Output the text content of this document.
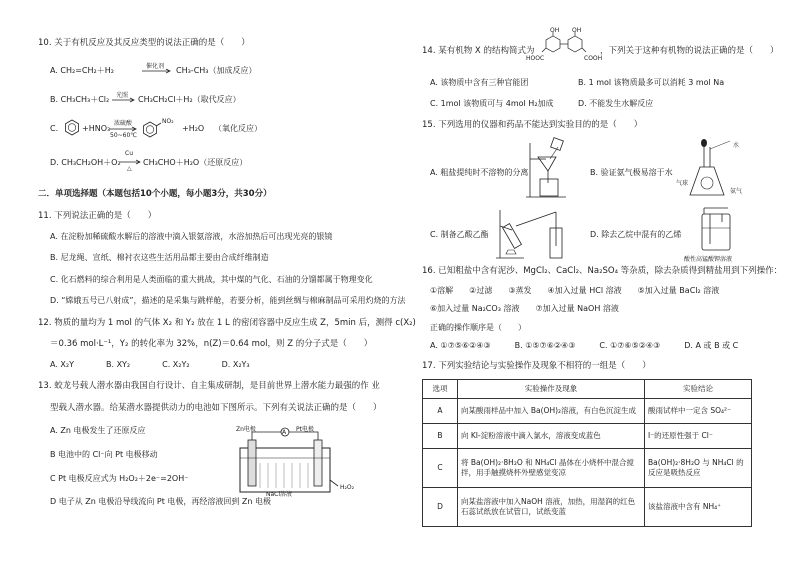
10. 关于有机反应及其反应类型的说法正确的是（　　）
A. CH₂=CH₂＋H₂	催化剂 CH₃-CH₃（加成反应）
B. CH₃CH₃＋Cl₂ 光照 CH₃CH₂Cl＋H₂（取代反应）
C.	+HNO₃
浓硫酸
50~60℃
NO₂
+H₂O （氧化反应）
D. CH₃CH₂OH＋O₂
Cu
△
CH₃CHO＋H₂O（还原反应）
二．单项选择题（本题包括10个小题，每小题3分，共30分）
11. 下列说法正确的是（　　）
A. 在淀粉加稀硫酸水解后的溶液中滴入银氨溶液，水浴加热后可出现光亮的银镜
B. 尼龙绳、宣纸、棉衬衣这些生活用品都主要由合成纤维制造
C. 化石燃料的综合利用是人类面临的重大挑战，其中煤的气化、石油的分馏都属于物理变化
D. “嫦娥五号已八射成”，描述的是采集与跳样舱，若要分析，能到丝绸与棉麻制品可采用灼烧的方法
12. 物质的量均为 1 mol 的气体 X₂ 和 Y₂ 放在 1 L 的密闭容器中反应生成 Z，5min 后，测得 c(X₂)
＝0.36 mol·L⁻¹，Y₂ 的转化率为 32%，n(Z)＝0.64 mol，则 Z 的分子式是（　　）
A. X₂Y　　　　B. XY₂　　　　C. X₂Y₂　　　　D. X₂Y₃
13. 蛟龙号载人潜水器由我国自行设计、自主集成研制，是目前世界上潜水能力最强的作 业
型载人潜水器。给某潜水器提供动力的电池如下图所示。下列有关说法正确的是（　　）
A. Zn 电极发生了还原反应
B 电池中的 Cl⁻向 Pt 电极移动
C Pt 电极反应式为 H₂O₂＋2e⁻=2OH⁻
D 电子从 Zn 电极沿导线流向 Pt 电极，再经溶液回到 Zn 电极
Zn电极	Pt电极
A
NaCl溶液
H₂O₂
14. 某有机物 X 的结构简式为
OH OH
HOOC	COOH
，下列关于这种有机物的说法正确的是（　　）
A. 该物质中含有三种官能团	B. 1 mol 该物质最多可以消耗 3 mol Na
C. 1mol 该物质可与 4mol H₂加成	D. 不能发生水解反应
15. 下列选用的仪器和药品不能达到实验目的的是（　　）
A. 粗盐提纯时不溶物的分离
水
气球
氨气
B. 验证氨气极易溶于水
C. 制备乙酸乙酯
酸性高锰酸钾溶液
D. 除去乙烷中混有的乙烯
16. 已知粗盐中含有泥沙、MgCl₂、CaCl₂、Na₂SO₄ 等杂质，除去杂质得到精盐用到下列操作：
①溶解　　②过滤　　③蒸发　　④加入过量 HCl 溶液　　⑤加入过量 BaCl₂ 溶液
⑥加入过量 Na₂CO₃ 溶液　　⑦加入过量 NaOH 溶液
正确的操作顺序是（　　）
A. ①⑦⑤⑥②④③　　　B. ①⑤⑦⑥②④③　　　C. ①⑦⑥⑤②④③　　　D. A 或 B 或 C
17. 下列实验结论与实验操作及现象不相符的一组是（　　）
选项	实验操作及现象	实验结论
A	向某酸雨样品中加入 Ba(OH)₂溶液，有白色沉淀生成	酸雨试样中一定含 SO₄²⁻
B	向 KI-淀粉溶液中滴入氯水，溶液变成蓝色	I⁻的还原性强于 Cl⁻
C	将 Ba(OH)₂·8H₂O 和 NH₄Cl 晶体在小烧杯中混合搅拌，用手触摸烧杯外壁感觉变凉	Ba(OH)₂·8H₂O 与 NH₄Cl 的反应是吸热反应
D	向某盐溶液中加入NaOH 溶液，加热，用湿润的红色石蕊试纸放在试管口，试纸变蓝	该盐溶液中含有 NH₄⁺
